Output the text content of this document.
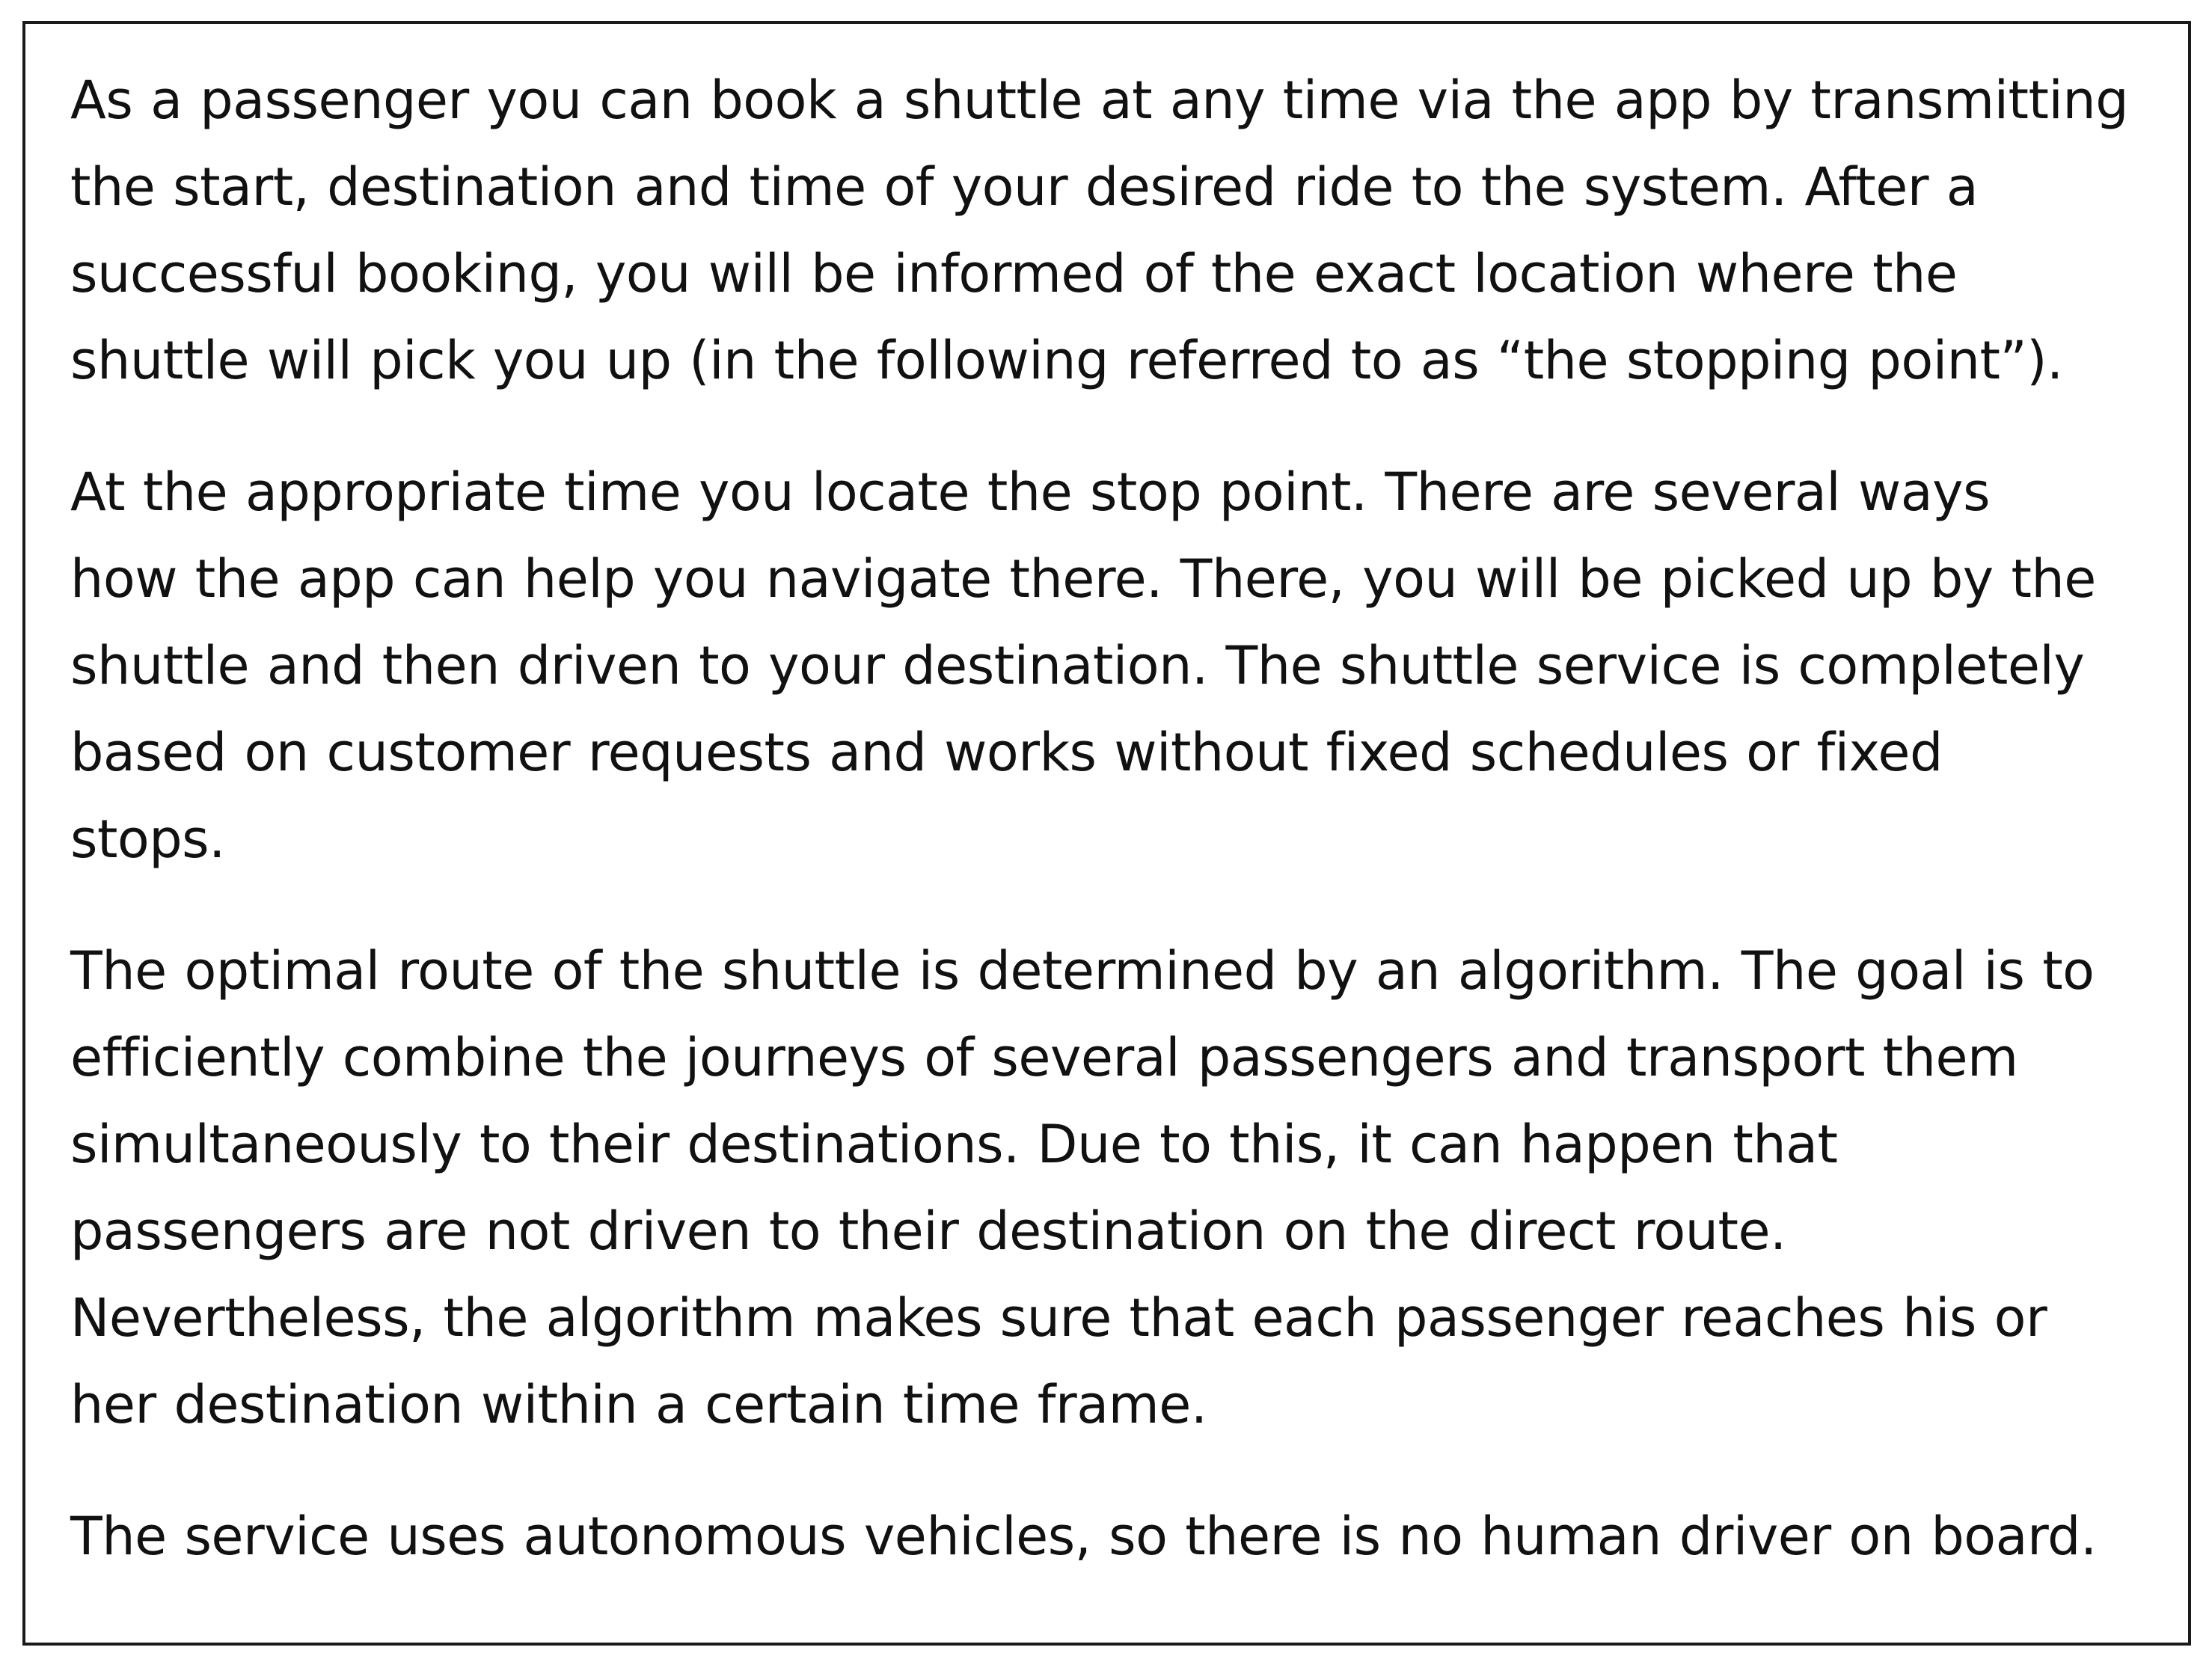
As a passenger you can book a shuttle at any time via the app by transmitting
the start, destination and time of your desired ride to the system. After a
successful booking, you will be informed of the exact location where the
shuttle will pick you up (in the following referred to as “the stopping point”).

At the appropriate time you locate the stop point. There are several ways
how the app can help you navigate there. There, you will be picked up by the
shuttle and then driven to your destination. The shuttle service is completely
based on customer requests and works without fixed schedules or fixed
stops.

The optimal route of the shuttle is determined by an algorithm. The goal is to
efficiently combine the journeys of several passengers and transport them
simultaneously to their destinations. Due to this, it can happen that
passengers are not driven to their destination on the direct route.
Nevertheless, the algorithm makes sure that each passenger reaches his or
her destination within a certain time frame.

The service uses autonomous vehicles, so there is no human driver on board.
